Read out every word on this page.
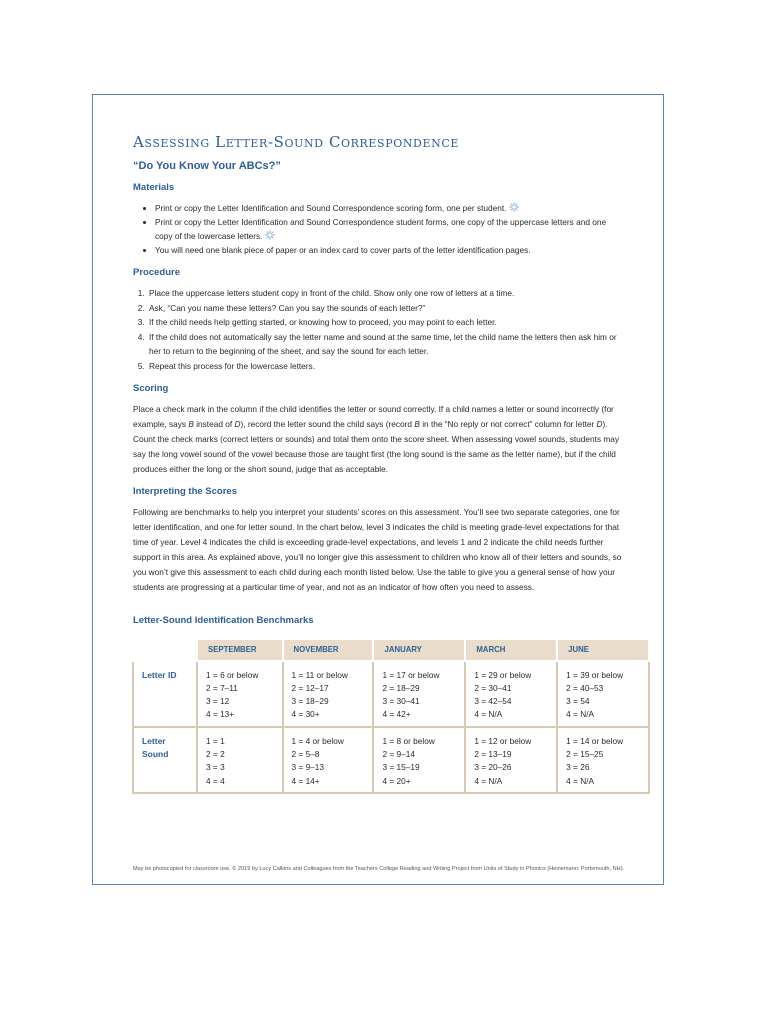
Assessing Letter-Sound Correspondence
“Do You Know Your ABCs?”
Materials
• Print or copy the Letter Identification and Sound Correspondence scoring form, one per student.
• Print or copy the Letter Identification and Sound Correspondence student forms, one copy of the uppercase letters and one copy of the lowercase letters.
• You will need one blank piece of paper or an index card to cover parts of the letter identification pages.
Procedure
1. Place the uppercase letters student copy in front of the child. Show only one row of letters at a time.
2. Ask, “Can you name these letters? Can you say the sounds of each letter?”
3. If the child needs help getting started, or knowing how to proceed, you may point to each letter.
4. If the child does not automatically say the letter name and sound at the same time, let the child name the letters then ask him or her to return to the beginning of the sheet, and say the sound for each letter.
5. Repeat this process for the lowercase letters.
Scoring

Place a check mark in the column if the child identifies the letter or sound correctly. If a child names a letter or sound incorrectly (for example, says B instead of D), record the letter sound the child says (record B in the “No reply or not correct” column for letter D). Count the check marks (correct letters or sounds) and total them onto the score sheet. When assessing vowel sounds, students may say the long vowel sound of the vowel because those are taught first (the long sound is the same as the letter name), but if the child produces either the long or the short sound, judge that as acceptable.

Interpreting the Scores

Following are benchmarks to help you interpret your students’ scores on this assessment. You’ll see two separate categories, one for letter identification, and one for letter sound. In the chart below, level 3 indicates the child is meeting grade-level expectations for that time of year. Level 4 indicates the child is exceeding grade-level expectations, and levels 1 and 2 indicate the child needs further support in this area. As explained above, you’ll no longer give this assessment to children who know all of their letters and sounds, so you won’t give this assessment to each child during each month listed below. Use the table to give you a general sense of how your students are progressing at a particular time of year, and not as an indicator of how often you need to assess.

Letter-Sound Identification Benchmarks
	SEPTEMBER	NOVEMBER	JANUARY	MARCH	JUNE
Letter ID	1 = 6 or below
2 = 7–11
3 = 12
4 = 13+	1 = 11 or below
2 = 12–17
3 = 18–29
4 = 30+	1 = 17 or below
2 = 18–29
3 = 30–41
4 = 42+	1 = 29 or below
2 = 30–41
3 = 42–54
4 = N/A	1 = 39 or below
2 = 40–53
3 = 54
4 = N/A

Letter
Sound	1 = 1
2 = 2
3 = 3
4 = 4	1 = 4 or below
2 = 5–8
3 = 9–13
4 = 14+	1 = 8 or below
2 = 9–14
3 = 15–19
4 = 20+	1 = 12 or below
2 = 13–19
3 = 20–26
4 = N/A	1 = 14 or below
2 = 15–25
3 = 26
4 = N/A
May be photocopied for classroom use. © 2019 by Lucy Calkins and Colleagues from the Teachers College Reading and Writing Project from Units of Study in Phonics (Heinemann: Portsmouth, NH).
